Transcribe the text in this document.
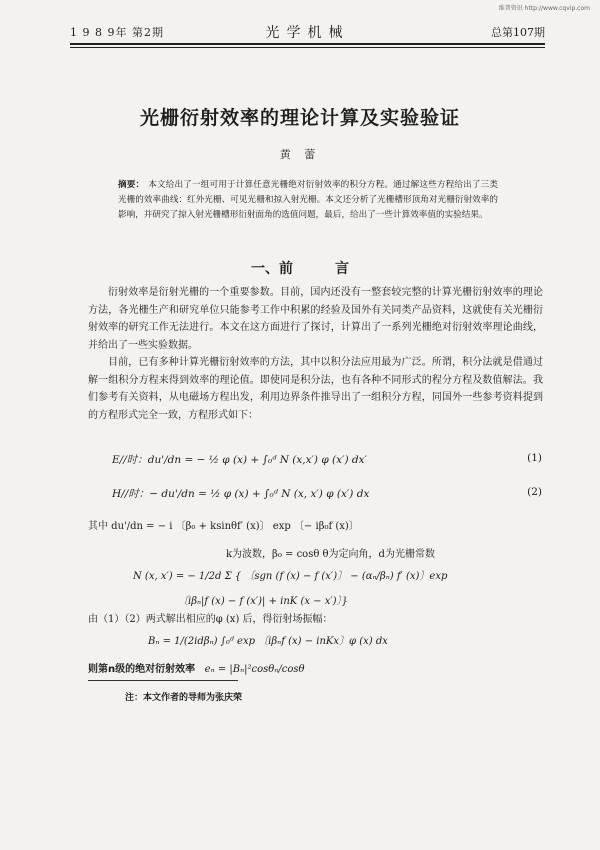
维普资讯 http://www.cqvip.com
1 9 8 9年 第2期	光学机械	总第107期
光栅衍射效率的理论计算及实验验证
黄 蕾
摘要： 本文给出了一组可用于计算任意光栅绝对衍射效率的积分方程。通过解这些方程给出了三类光栅的效率曲线：红外光栅、可见光栅和掠入射光栅。本文还分析了光栅槽形顶角对光栅衍射效率的影响，并研究了掠入射光栅槽形衍射面角的选值问题，最后，给出了一些计算效率值的实验结果。
一、前	言
衍射效率是衍射光栅的一个重要参数。目前，国内还没有一整套较完整的计算光栅衍射效率的理论方法，各光栅生产和研究单位只能参考工作中积累的经验及国外有关同类产品资料，这就使有关光栅衍射效率的研究工作无法进行。本文在这方面进行了探讨，计算出了一系列光栅绝对衍射效率理论曲线，并给出了一些实验数据。
目前，已有多种计算光栅衍射效率的方法，其中以积分法应用最为广泛。所谓，积分法就是借通过解一组积分方程来得到效率的理论值。即使同是积分法，也有各种不同形式的程分方程及数值解法。我们参考有关资料，从电磁场方程出发，利用边界条件推导出了一组积分方程，同国外一些参考资料提到的方程形式完全一致，方程形式如下：
E//时：du'/dn = − ½ φ (x) + ∫₀ᵈ N (x,x′) φ (x′) dx′	(1)
H//时：− du'/dn = ½ φ (x) + ∫₀ᵈ N (x, x′) φ (x′) dx	(2)
其中 du'/dn = − i 〔β₀ + ksinθf′ (x)〕 exp 〔− iβ₀f (x)〕
k为波数，β₀ = cosθ θ为定向角，d为光栅常数
N (x, x′) = − 1/2d Σ { 〔sgn (f (x) − f (x′)〕 − (αₙ/βₙ) f′ (x)〕exp
〔iβₙ|f (x) − f (x′)| + inK (x − x′)〕}
由（1）（2）两式解出相应的φ (x) 后，得衍射场振幅：
Bₙ = 1/(2idβₙ) ∫₀ᵈ exp 〔iβₙf (x) − inKx〕φ (x) dx
则第n级的绝对衍射效率 eₙ = |Bₙ|²cosθₙ/cosθ
注：本文作者的导师为张庆荣
